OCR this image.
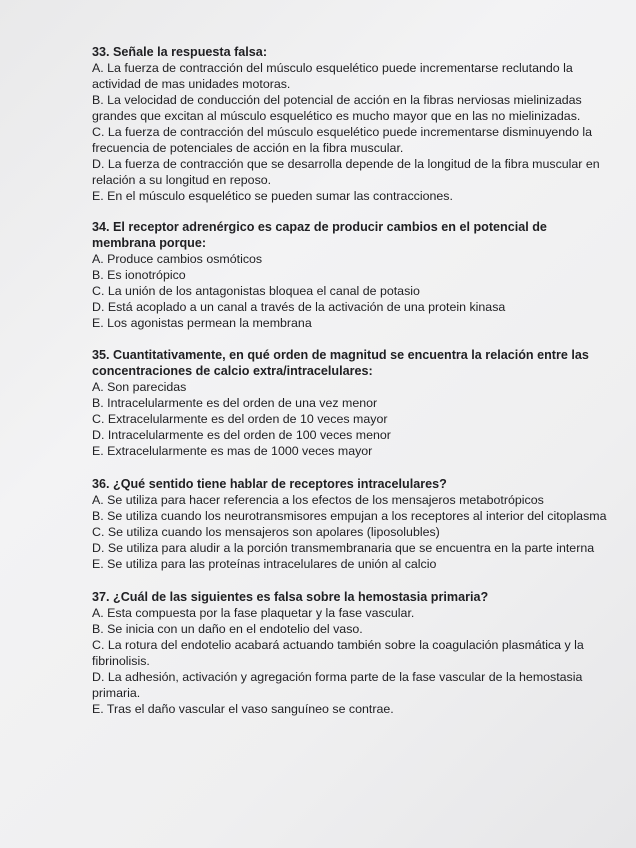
33. Señale la respuesta falsa:

A. La fuerza de contracción del músculo esquelético puede incrementarse reclutando la actividad de mas unidades motoras.

B. La velocidad de conducción del potencial de acción en la fibras nerviosas mielinizadas grandes que excitan al músculo esquelético es mucho mayor que en las no mielinizadas.

C. La fuerza de contracción del músculo esquelético puede incrementarse disminuyendo la frecuencia de potenciales de acción en la fibra muscular.

D. La fuerza de contracción que se desarrolla depende de la longitud de la fibra muscular en relación a su longitud en reposo.

E. En el músculo esquelético se pueden sumar las contracciones.

34. El receptor adrenérgico es capaz de producir cambios en el potencial de membrana porque:

A. Produce cambios osmóticos

B. Es ionotrópico

C. La unión de los antagonistas bloquea el canal de potasio

D. Está acoplado a un canal a través de la activación de una protein kinasa

E. Los agonistas permean la membrana

35. Cuantitativamente, en qué orden de magnitud se encuentra la relación entre las concentraciones de calcio extra/intracelulares:

A. Son parecidas

B. Intracelularmente es del orden de una vez menor

C. Extracelularmente es del orden de 10 veces mayor

D. Intracelularmente es del orden de 100 veces menor

E. Extracelularmente es mas de 1000 veces mayor

36. ¿Qué sentido tiene hablar de receptores intracelulares?

A. Se utiliza para hacer referencia a los efectos de los mensajeros metabotrópicos

B. Se utiliza cuando los neurotransmisores empujan a los receptores al interior del citoplasma

C. Se utiliza cuando los mensajeros son apolares (liposolubles)

D. Se utiliza para aludir a la porción transmembranaria que se encuentra en la parte interna

E. Se utiliza para las proteínas intracelulares de unión al calcio

37. ¿Cuál de las siguientes es falsa sobre la hemostasia primaria?

A. Esta compuesta por la fase plaquetar y la fase vascular.

B. Se inicia con un daño en el endotelio del vaso.

C. La rotura del endotelio acabará actuando también sobre la coagulación plasmática y la fibrinolisis.

D. La adhesión, activación y agregación forma parte de la fase vascular de la hemostasia primaria.

E. Tras el daño vascular el vaso sanguíneo se contrae.
